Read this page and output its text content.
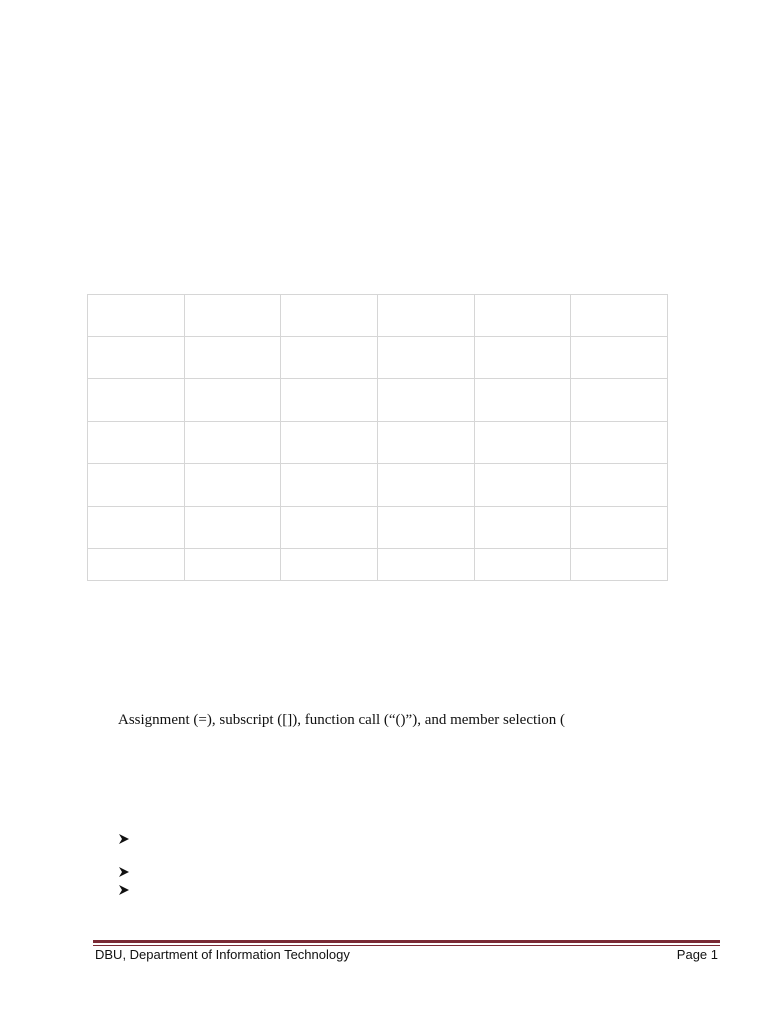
Assignment (=), subscript ([]), function call (“()”), and member selection (
DBU, Department of Information Technology	Page 1
